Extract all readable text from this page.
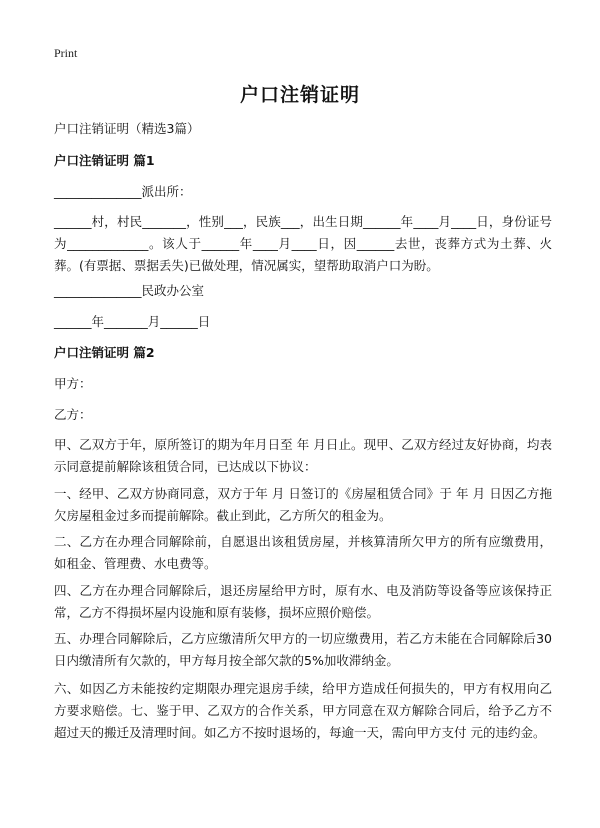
Print
户口注销证明
户口注销证明（精选3篇）
户口注销证明 篇1
______________派出所：
______村，村民_______，性别___，民族___，出生日期______年____月____日，身份证号为_____________。该人于______年____月____日，因______去世，丧葬方式为土葬、火葬。(有票据、票据丢失)已做处理，情况属实，望帮助取消户口为盼。
______________民政办公室
______年_______月______日
户口注销证明 篇2
甲方：
乙方：
甲、乙双方于年，原所签订的期为年月日至 年 月日止。现甲、乙双方经过友好协商，均表示同意提前解除该租赁合同，已达成以下协议：
一、经甲、乙双方协商同意，双方于年 月 日签订的《房屋租赁合同》于 年 月 日因乙方拖欠房屋租金过多而提前解除。截止到此，乙方所欠的租金为。
二、乙方在办理合同解除前，自愿退出该租赁房屋，并核算清所欠甲方的所有应缴费用，如租金、管理费、水电费等。
四、乙方在办理合同解除后，退还房屋给甲方时，原有水、电及消防等设备等应该保持正常，乙方不得损坏屋内设施和原有装修，损坏应照价赔偿。
五、办理合同解除后，乙方应缴清所欠甲方的一切应缴费用，若乙方未能在合同解除后30日内缴清所有欠款的，甲方每月按全部欠款的5%加收滞纳金。
六、如因乙方未能按约定期限办理完退房手续，给甲方造成任何损失的，甲方有权用向乙方要求赔偿。七、鉴于甲、乙双方的合作关系，甲方同意在双方解除合同后，给予乙方不超过天的搬迁及清理时间。如乙方不按时退场的，每逾一天，需向甲方支付 元的违约金。
